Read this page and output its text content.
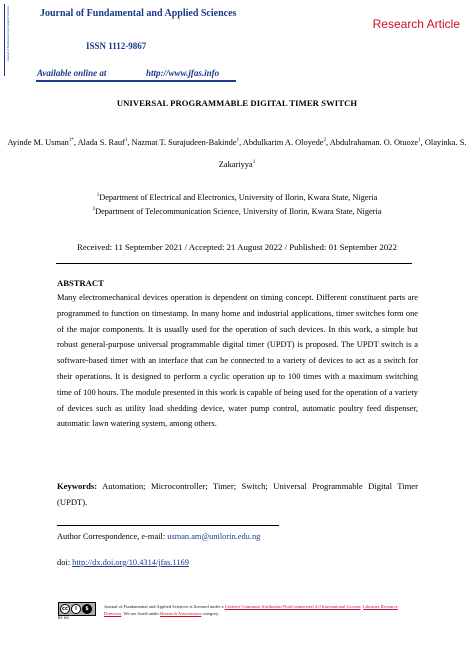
Journal of Fundamental and Applied Sciences	Journal of Fundamental and Applied Sciences
ISSN 1112-9867
Available online at	http://www.jfas.info
Research Article
UNIVERSAL PROGRAMMABLE DIGITAL TIMER SWITCH
Ayinde M. Usman$^{1*}$, Alada S. Rauf$^1$, Nazmat T. Surajudeen-Bakinde$^1$, Abdulkarim A. Oloyede$^2$, Abdulrahaman. O. Otuoze$^1$, Olayinka. S. Zakariyya$^1$
$^1$Department of Electrical and Electronics, University of Ilorin, Kwara State, Nigeria
$^2$Department of Telecommunication Science, University of Ilorin, Kwara State, Nigeria
Received: 11 September 2021 / Accepted: 21 August 2022 / Published: 01 September 2022
ABSTRACT
Many electromechanical devices operation is dependent on timing concept. Different constituent parts are programmed to function on timestamp. In many home and industrial applications, timer switches form one of the major components. It is usually used for the operation of such devices. In this work, a simple but robust general-purpose universal programmable digital timer (UPDT) is proposed. The UPDT switch is a software-based timer with an interface that can be connected to a variety of devices to act as a switch for their operations. It is designed to perform a cyclic operation up to 100 times with a maximum switching time of 100 hours. The module presented in this work is capable of being used for the operation of a variety of devices such as utility load shedding device, water pump control, automatic poultry feed dispenser, automatic lawn watering system, among others.
Keywords: Automation; Microcontroller; Timer; Switch; Universal Programmable Digital Timer (UPDT).
Author Correspondence, e-mail: usman.am@unilorin.edu.ng
doi: http://dx.doi.org/10.4314/jfas.1169
cc	i	$
BY NC
Journal of Fundamental and Applied Sciences is licensed under a Creative Commons Attribution-NonCommercial 4.0 International License. Libraries Resource Directory. We are listed under Research Associations category.
